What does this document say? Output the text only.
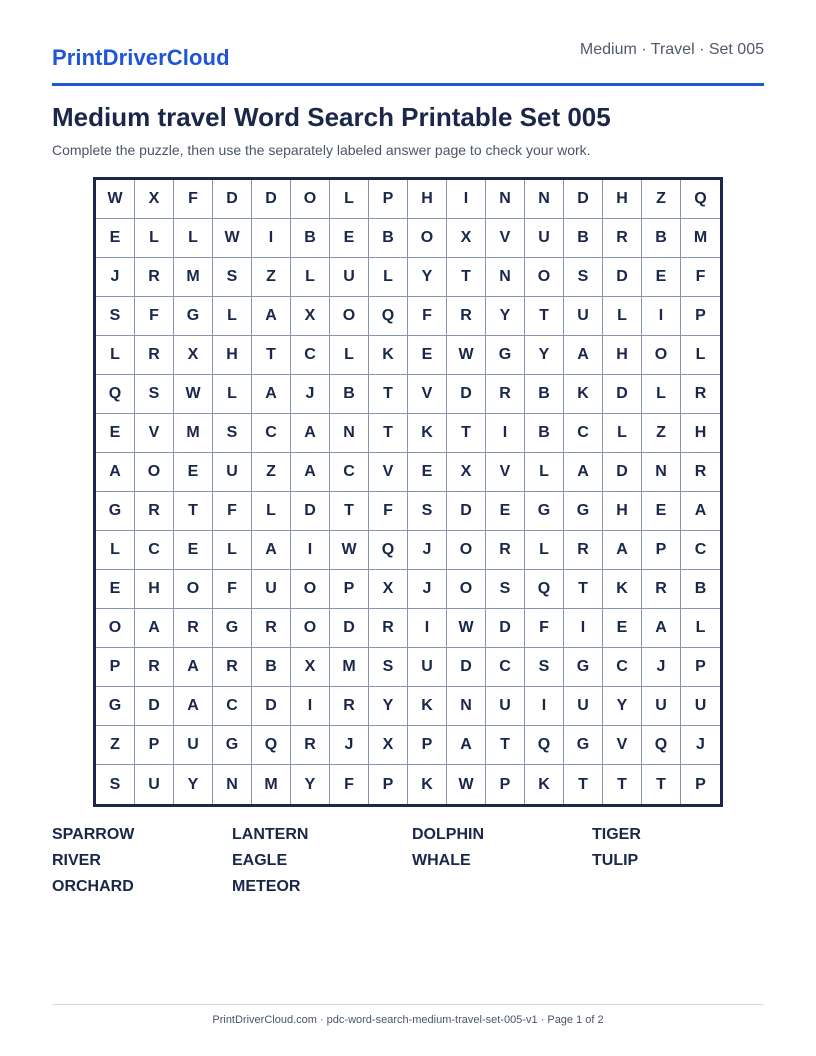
PrintDriverCloud	Medium · Travel · Set 005
Medium travel Word Search Printable Set 005
Complete the puzzle, then use the separately labeled answer page to check your work.
W	X	F	D	D	O	L	P	H	I	N	N	D	H	Z	Q
E	L	L	W	I	B	E	B	O	X	V	U	B	R	B	M
J	R	M	S	Z	L	U	L	Y	T	N	O	S	D	E	F
S	F	G	L	A	X	O	Q	F	R	Y	T	U	L	I	P
L	R	X	H	T	C	L	K	E	W	G	Y	A	H	O	L
Q	S	W	L	A	J	B	T	V	D	R	B	K	D	L	R
E	V	M	S	C	A	N	T	K	T	I	B	C	L	Z	H
A	O	E	U	Z	A	C	V	E	X	V	L	A	D	N	R
G	R	T	F	L	D	T	F	S	D	E	G	G	H	E	A
L	C	E	L	A	I	W	Q	J	O	R	L	R	A	P	C
E	H	O	F	U	O	P	X	J	O	S	Q	T	K	R	B
O	A	R	G	R	O	D	R	I	W	D	F	I	E	A	L
P	R	A	R	B	X	M	S	U	D	C	S	G	C	J	P
G	D	A	C	D	I	R	Y	K	N	U	I	U	Y	U	U
Z	P	U	G	Q	R	J	X	P	A	T	Q	G	V	Q	J
S	U	Y	N	M	Y	F	P	K	W	P	K	T	T	T	P
SPARROW	LANTERN	DOLPHIN	TIGER
RIVER	EAGLE	WHALE	TULIP
ORCHARD	METEOR
PrintDriverCloud.com · pdc-word-search-medium-travel-set-005-v1 · Page 1 of 2
